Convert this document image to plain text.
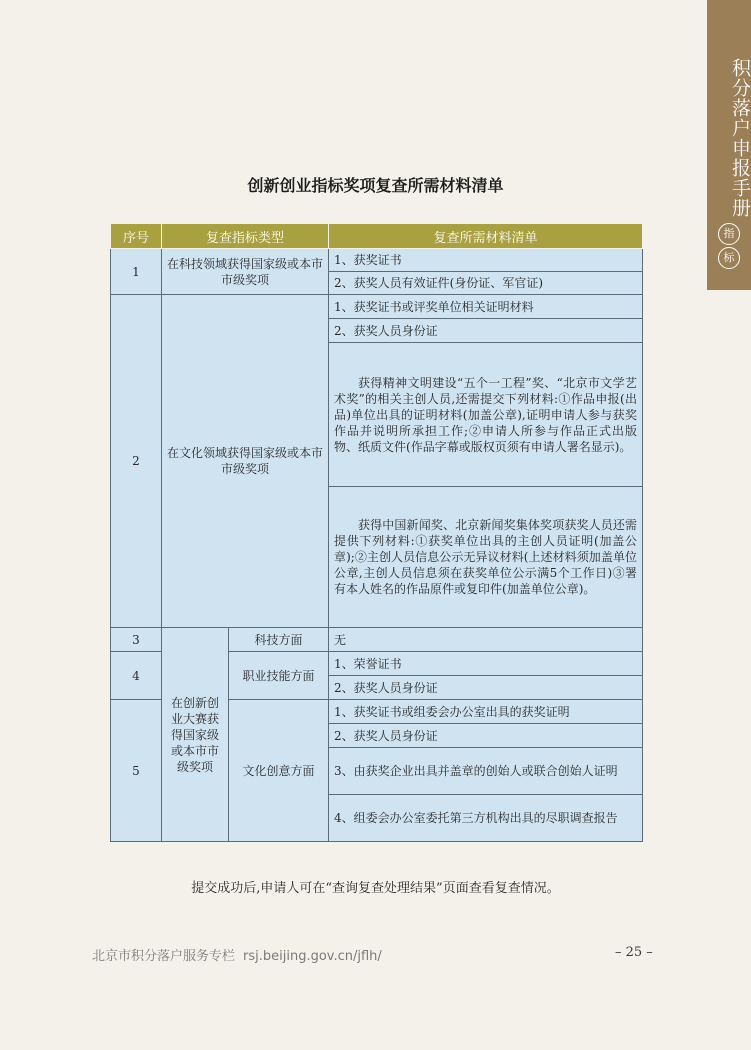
积分落户申报手册
指
标
创新创业指标奖项复查所需材料清单
序号	复查指标类型		复查所需材料清单
1	在科技领域获得国家级或本市市级奖项		1、获奖证书
			2、获奖人员有效证件(身份证、军官证)
2	在文化领域获得国家级或本市市级奖项		1、获奖证书或评奖单位相关证明材料
			2、获奖人员身份证

			获得精神文明建设“五个一工程”奖、“北京市文学艺术奖”的相关主创人员,还需提交下列材料:①作品申报(出品)单位出具的证明材料(加盖公章),证明申请人参与获奖作品并说明所承担工作;②申请人所参与作品正式出版物、纸质文件(作品字幕或版权页须有申请人署名显示)。

			获得中国新闻奖、北京新闻奖集体奖项获奖人员还需提供下列材料:①获奖单位出具的主创人员证明(加盖公章);②主创人员信息公示无异议材料(上述材料须加盖单位公章,主创人员信息须在获奖单位公示满5个工作日)③署有本人姓名的作品原件或复印件(加盖单位公章)。

3	在创新创业大赛获得国家级或本市市级奖项	科技方面	无
4		职业技能方面	1、荣誉证书
			2、获奖人员身份证
5		文化创意方面	1、获奖证书或组委会办公室出具的获奖证明
			2、获奖人员身份证
			3、由获奖企业出具并盖章的创始人或联合创始人证明
			4、组委会办公室委托第三方机构出具的尽职调查报告
提交成功后,申请人可在“查询复查处理结果”页面查看复查情况。
北京市积分落户服务专栏 rsj.beijing.gov.cn/jflh/	– 25 –
